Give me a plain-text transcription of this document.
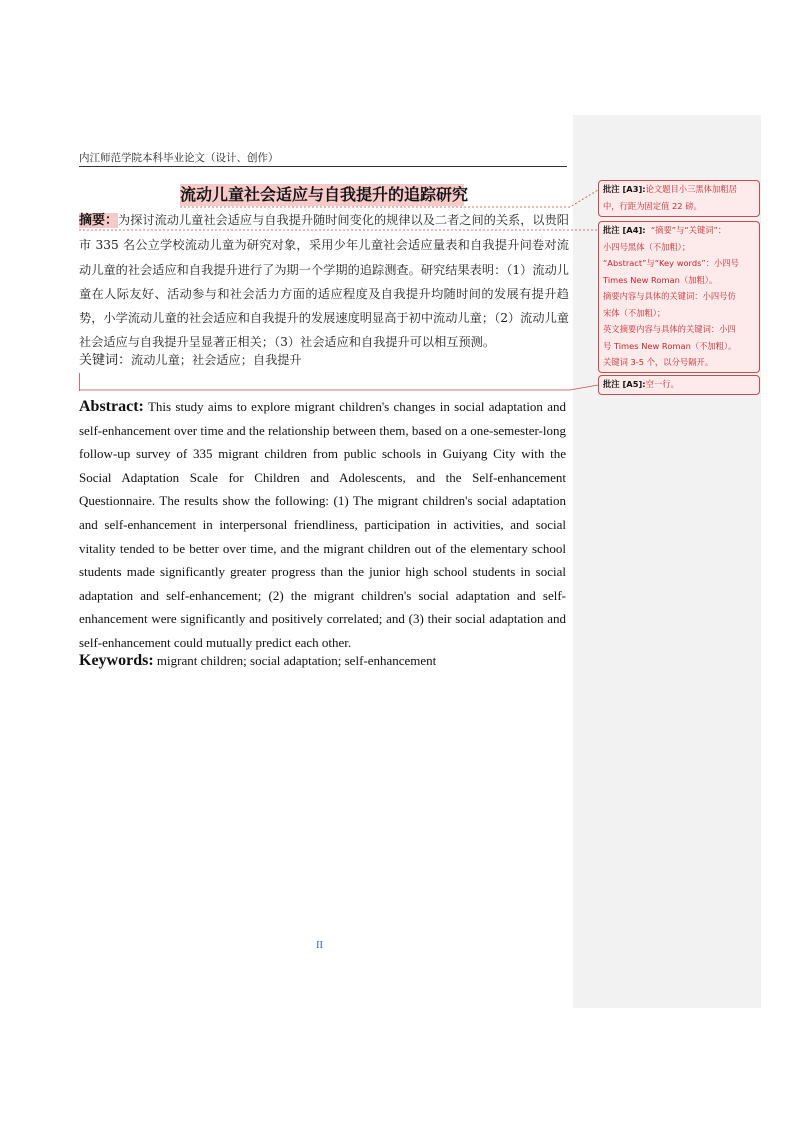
内江师范学院本科毕业论文（设计、创作）
流动儿童社会适应与自我提升的追踪研究
摘要：为探讨流动儿童社会适应与自我提升随时间变化的规律以及二者之间的关系，以贵阳市 335 名公立学校流动儿童为研究对象，采用少年儿童社会适应量表和自我提升问卷对流动儿童的社会适应和自我提升进行了为期一个学期的追踪测查。研究结果表明：（1）流动儿童在人际友好、活动参与和社会活力方面的适应程度及自我提升均随时间的发展有提升趋势，小学流动儿童的社会适应和自我提升的发展速度明显高于初中流动儿童；（2）流动儿童社会适应与自我提升呈显著正相关；（3）社会适应和自我提升可以相互预测。
关键词：流动儿童；社会适应；自我提升
Abstract: This study aims to explore migrant children's changes in social adaptation and self-enhancement over time and the relationship between them, based on a one-semester-long follow-up survey of 335 migrant children from public schools in Guiyang City with the Social Adaptation Scale for Children and Adolescents, and the Self-enhancement Questionnaire. The results show the following: (1) The migrant children's social adaptation and self-enhancement in interpersonal friendliness, participation in activities, and social vitality tended to be better over time, and the migrant children out of the elementary school students made significantly greater progress than the junior high school students in social adaptation and self-enhancement; (2) the migrant children's social adaptation and self-enhancement were significantly and positively correlated; and (3) their social adaptation and self-enhancement could mutually predict each other.
Keywords: migrant children; social adaptation; self-enhancement
II
批注 [A3]:论文题目小三黑体加粗居
中，行距为固定值 22 磅。
批注 [A4]: “摘要”与“关键词”：
小四号黑体（不加粗）；
“Abstract”与“Key words”：小四号
Times New Roman（加粗）。
摘要内容与具体的关键词：小四号仿
宋体（不加粗）；
英文摘要内容与具体的关键词：小四
号 Times New Roman（不加粗）。
关键词 3-5 个，以分号隔开。
批注 [A5]:空一行。
